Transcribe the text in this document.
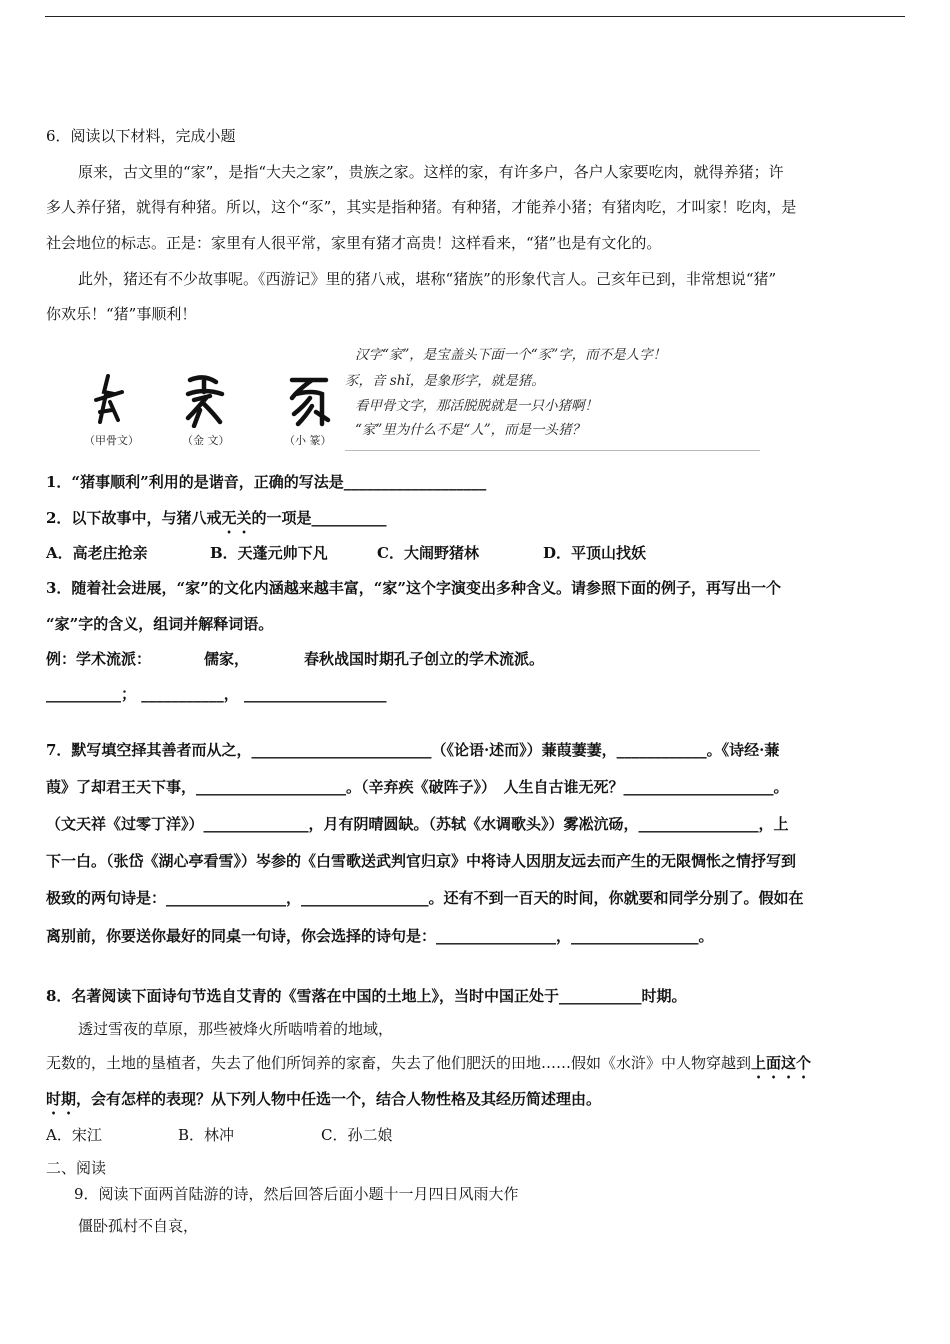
6．阅读以下材料，完成小题
原来，古文里的“家”，是指“大夫之家”，贵族之家。这样的家，有许多户，各户人家要吃肉，就得养猪；许
多人养仔猪，就得有种猪。所以，这个“豕”，其实是指种猪。有种猪，才能养小猪；有猪肉吃，才叫家！吃肉，是
社会地位的标志。正是：家里有人很平常，家里有猪才高贵！这样看来，“猪”也是有文化的。
此外，猪还有不少故事呢。《西游记》里的猪八戒，堪称“猪族”的形象代言人。己亥年已到，非常想说“猪”
你欢乐！“猪”事顺利！
（甲骨文）	（金 文）	（小 篆）
汉字“家”，是宝盖头下面一个“豕”字，而不是人字！
豕，音 shǐ，是象形字，就是猪。
看甲骨文字，那活脱脱就是一只小猪啊！
“家”里为什么不是“人”，而是一头猪？
1．“猪事顺利”利用的是谐音，正确的写法是___________________
2．以下故事中，与猪八戒无关的一项是__________
A．高老庄抢亲	B．天蓬元帅下凡	C．大闹野猪林	D．平顶山找妖
3．随着社会进展，“家”的文化内涵越来越丰富，“家”这个字演变出多种含义。请参照下面的例子，再写出一个
“家”字的含义，组词并解释词语。
例：学术流派：	儒家，	春秋战国时期孔子创立的学术流派。
__________； ___________， ___________________
7．默写填空择其善者而从之，________________________（《论语·述而》）蒹葭萋萋，____________。《诗经·蒹
葭》了却君王天下事，____________________。（辛弃疾《破阵子》）　人生自古谁无死？____________________。
（文天祥《过零丁洋》）______________，月有阴晴圆缺。（苏轼《水调歌头》）雾凇沆砀，________________，上
下一白。（张岱《湖心亭看雪》）岑参的《白雪歌送武判官归京》中将诗人因朋友远去而产生的无限惆怅之情抒写到
极致的两句诗是：________________，_________________。还有不到一百天的时间，你就要和同学分别了。假如在
离别前，你要送你最好的同桌一句诗，你会选择的诗句是：________________，_________________。
8．名著阅读下面诗句节选自艾青的《雪落在中国的土地上》，当时中国正处于___________时期。
透过雪夜的草原，那些被烽火所啮啃着的地域，
无数的，土地的垦植者，失去了他们所饲养的家畜，失去了他们肥沃的田地……假如《水浒》中人物穿越到上面这个
时期，会有怎样的表现？从下列人物中任选一个，结合人物性格及其经历简述理由。
A．宋江	B．林冲	C．孙二娘
二、阅读
9．阅读下面两首陆游的诗，然后回答后面小题十一月四日风雨大作
僵卧孤村不自哀，
